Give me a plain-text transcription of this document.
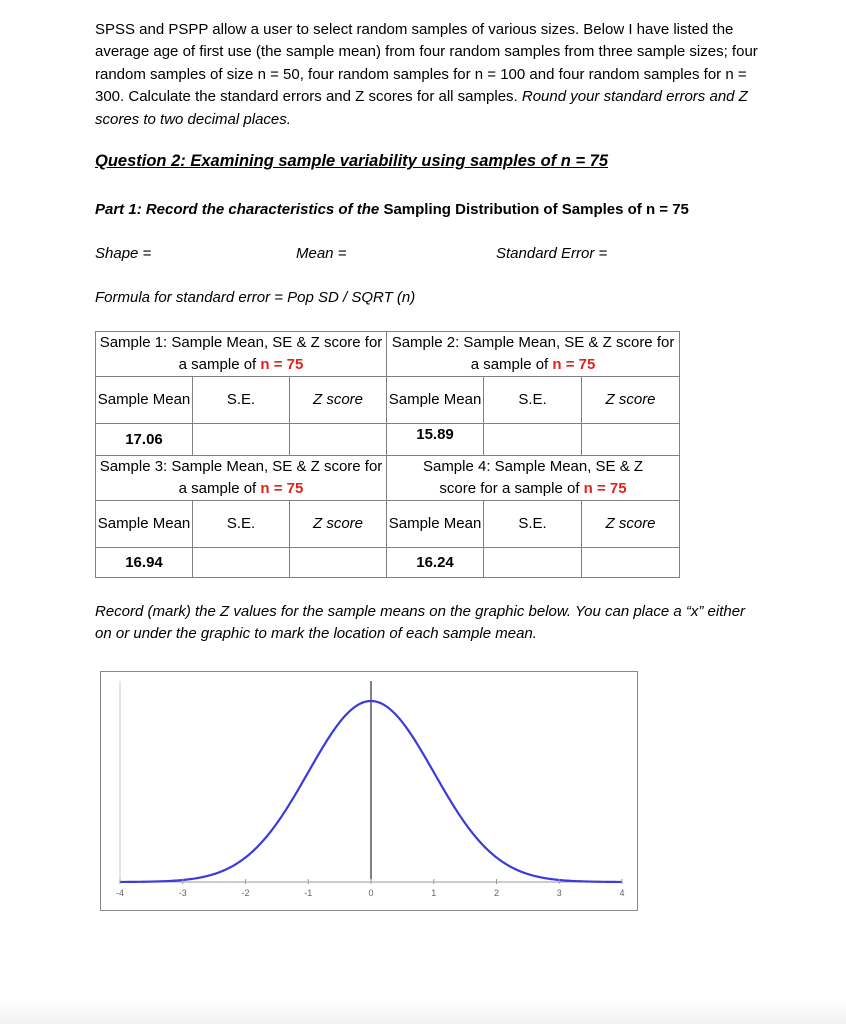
SPSS and PSPP allow a user to select random samples of various sizes. Below I have listed the average age of first use (the sample mean) from four random samples from three sample sizes; four random samples of size n = 50, four random samples for n = 100 and four random samples for n = 300. Calculate the standard errors and Z scores for all samples. Round your standard errors and Z scores to two decimal places.
Question 2: Examining sample variability using samples of n = 75
Part 1: Record the characteristics of the Sampling Distribution of Samples of n = 75
Shape =	Mean =	Standard Error =
Formula for standard error = Pop SD / SQRT (n)
Sample 1: Sample Mean, SE & Z score for a sample of n = 75			Sample 2: Sample Mean, SE & Z score for a sample of n = 75		
Sample Mean	S.E.	Z score	Sample Mean	S.E.	Z score
17.06			15.89		
Sample 3: Sample Mean, SE & Z score for a sample of n = 75			Sample 4: Sample Mean, SE & Z score for a sample of n = 75		
Sample Mean	S.E.	Z score	Sample Mean	S.E.	Z score
16.94			16.24		
Record (mark) the Z values for the sample means on the graphic below. You can place a “x” either on or under the graphic to mark the location of each sample mean.
-4	-3	-2	-1	0	1	2	3	4
